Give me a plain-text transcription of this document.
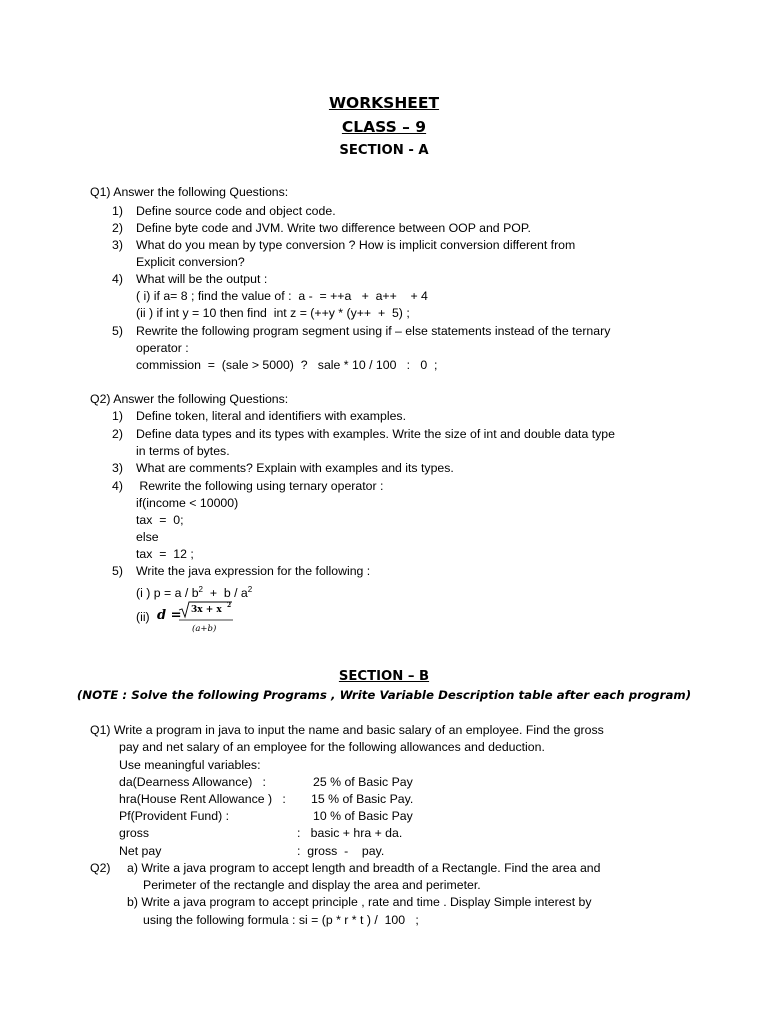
WORKSHEET
CLASS – 9
SECTION - A
Q1) Answer the following Questions:
1) Define source code and object code.
2) Define byte code and JVM. Write two difference between OOP and POP.
3) What do you mean by type conversion ? How is implicit conversion different from
Explicit conversion?
4) What will be the output :
( i) if a= 8 ; find the value of :  a -  = ++a   +  a++    + 4
(ii ) if int y = 10 then find  int z = (++y * (y++  +  5) ;
5) Rewrite the following program segment using if – else statements instead of the ternary
operator :
commission  =  (sale > 5000)  ?   sale * 10 / 100   :   0  ;
Q2) Answer the following Questions:
1) Define token, literal and identifiers with examples.
2) Define data types and its types with examples. Write the size of int and double data type
in terms of bytes.
3) What are comments? Explain with examples and its types.
4) Rewrite the following using ternary operator :
if(income < 10000)
tax  =  0;
else
tax  =  12 ;
5) Write the java expression for the following :
(i ) $p = a / b^2 + b / a^2$
(ii) d = 3x + x 2
(a+b)
SECTION – B
(NOTE : Solve the following Programs , Write Variable Description table after each program)
Q1) Write a program in java to input the name and basic salary of an employee. Find the gross
pay and net salary of an employee for the following allowances and deduction.
Use meaningful variables:
da(Dearness Allowance)   :	25 % of Basic Pay
hra(House Rent Allowance )   : 15 % of Basic Pay.
Pf(Provident Fund) :	10 % of Basic Pay
gross	:   basic + hra + da.
Net pay	:  gross  -    pay.
Q2) a) Write a java program to accept length and breadth of a Rectangle. Find the area and
Perimeter of the rectangle and display the area and perimeter.
b) Write a java program to accept principle , rate and time . Display Simple interest by
using the following formula : si = (p * r * t ) /  100   ;
